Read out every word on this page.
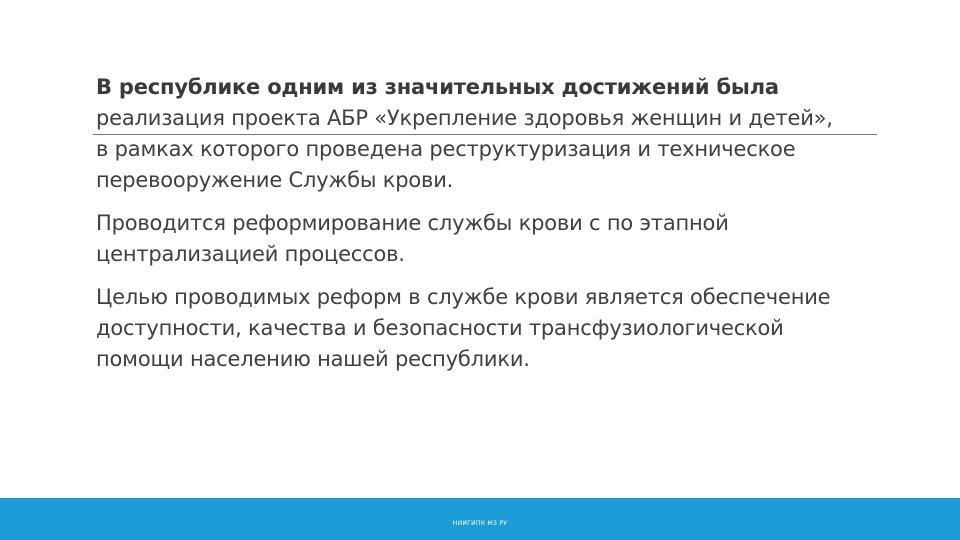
В республике одним из значительных достижений была
реализация проекта АБР «Укрепление здоровья женщин и детей»,
в рамках которого проведена реструктуризация и техническое
перевооружение Службы крови.

Проводится реформирование службы крови с по этапной
централизацией процессов.

Целью проводимых реформ в службе крови является обеспечение
доступности, качества и безопасности трансфузиологической
помощи населению нашей республики.

НИИГИПК МЗ РУ
